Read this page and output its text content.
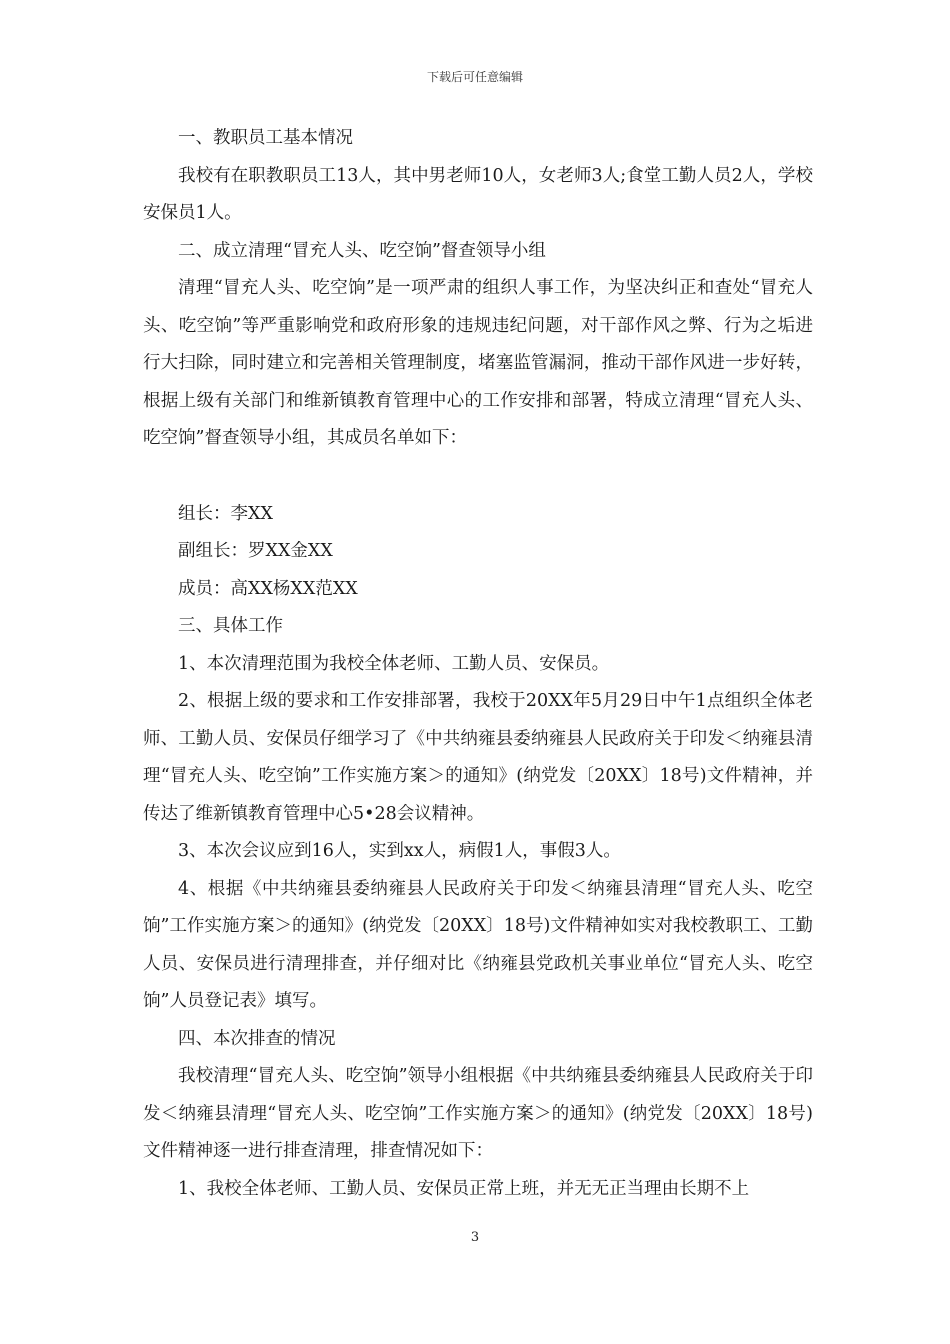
下载后可任意编辑

一、教职员工基本情况

我校有在职教职员工13人，其中男老师10人，女老师3人;食堂工勤人员2人，学校安保员1人。

二、成立清理“冒充人头、吃空饷”督查领导小组

清理“冒充人头、吃空饷”是一项严肃的组织人事工作，为坚决纠正和查处“冒充人头、吃空饷”等严重影响党和政府形象的违规违纪问题，对干部作风之弊、行为之垢进行大扫除，同时建立和完善相关管理制度，堵塞监管漏洞，推动干部作风进一步好转，根据上级有关部门和维新镇教育管理中心的工作安排和部署，特成立清理“冒充人头、吃空饷”督查领导小组，其成员名单如下：

组长：李XX

副组长：罗XX金XX

成员：高XX杨XX范XX

三、具体工作

1、本次清理范围为我校全体老师、工勤人员、安保员。

2、根据上级的要求和工作安排部署，我校于20XX年5月29日中午1点组织全体老师、工勤人员、安保员仔细学习了《中共纳雍县委纳雍县人民政府关于印发＜纳雍县清理“冒充人头、吃空饷”工作实施方案＞的通知》(纳党发〔20XX〕18号)文件精神，并传达了维新镇教育管理中心5•28会议精神。

3、本次会议应到16人，实到xx人，病假1人，事假3人。

4、根据《中共纳雍县委纳雍县人民政府关于印发＜纳雍县清理“冒充人头、吃空饷”工作实施方案＞的通知》(纳党发〔20XX〕18号)文件精神如实对我校教职工、工勤人员、安保员进行清理排查，并仔细对比《纳雍县党政机关事业单位“冒充人头、吃空饷”人员登记表》填写。

四、本次排查的情况

我校清理“冒充人头、吃空饷”领导小组根据《中共纳雍县委纳雍县人民政府关于印发＜纳雍县清理“冒充人头、吃空饷”工作实施方案＞的通知》(纳党发〔20XX〕18号)文件精神逐一进行排查清理，排查情况如下：

1、我校全体老师、工勤人员、安保员正常上班，并无无正当理由长期不上

3
